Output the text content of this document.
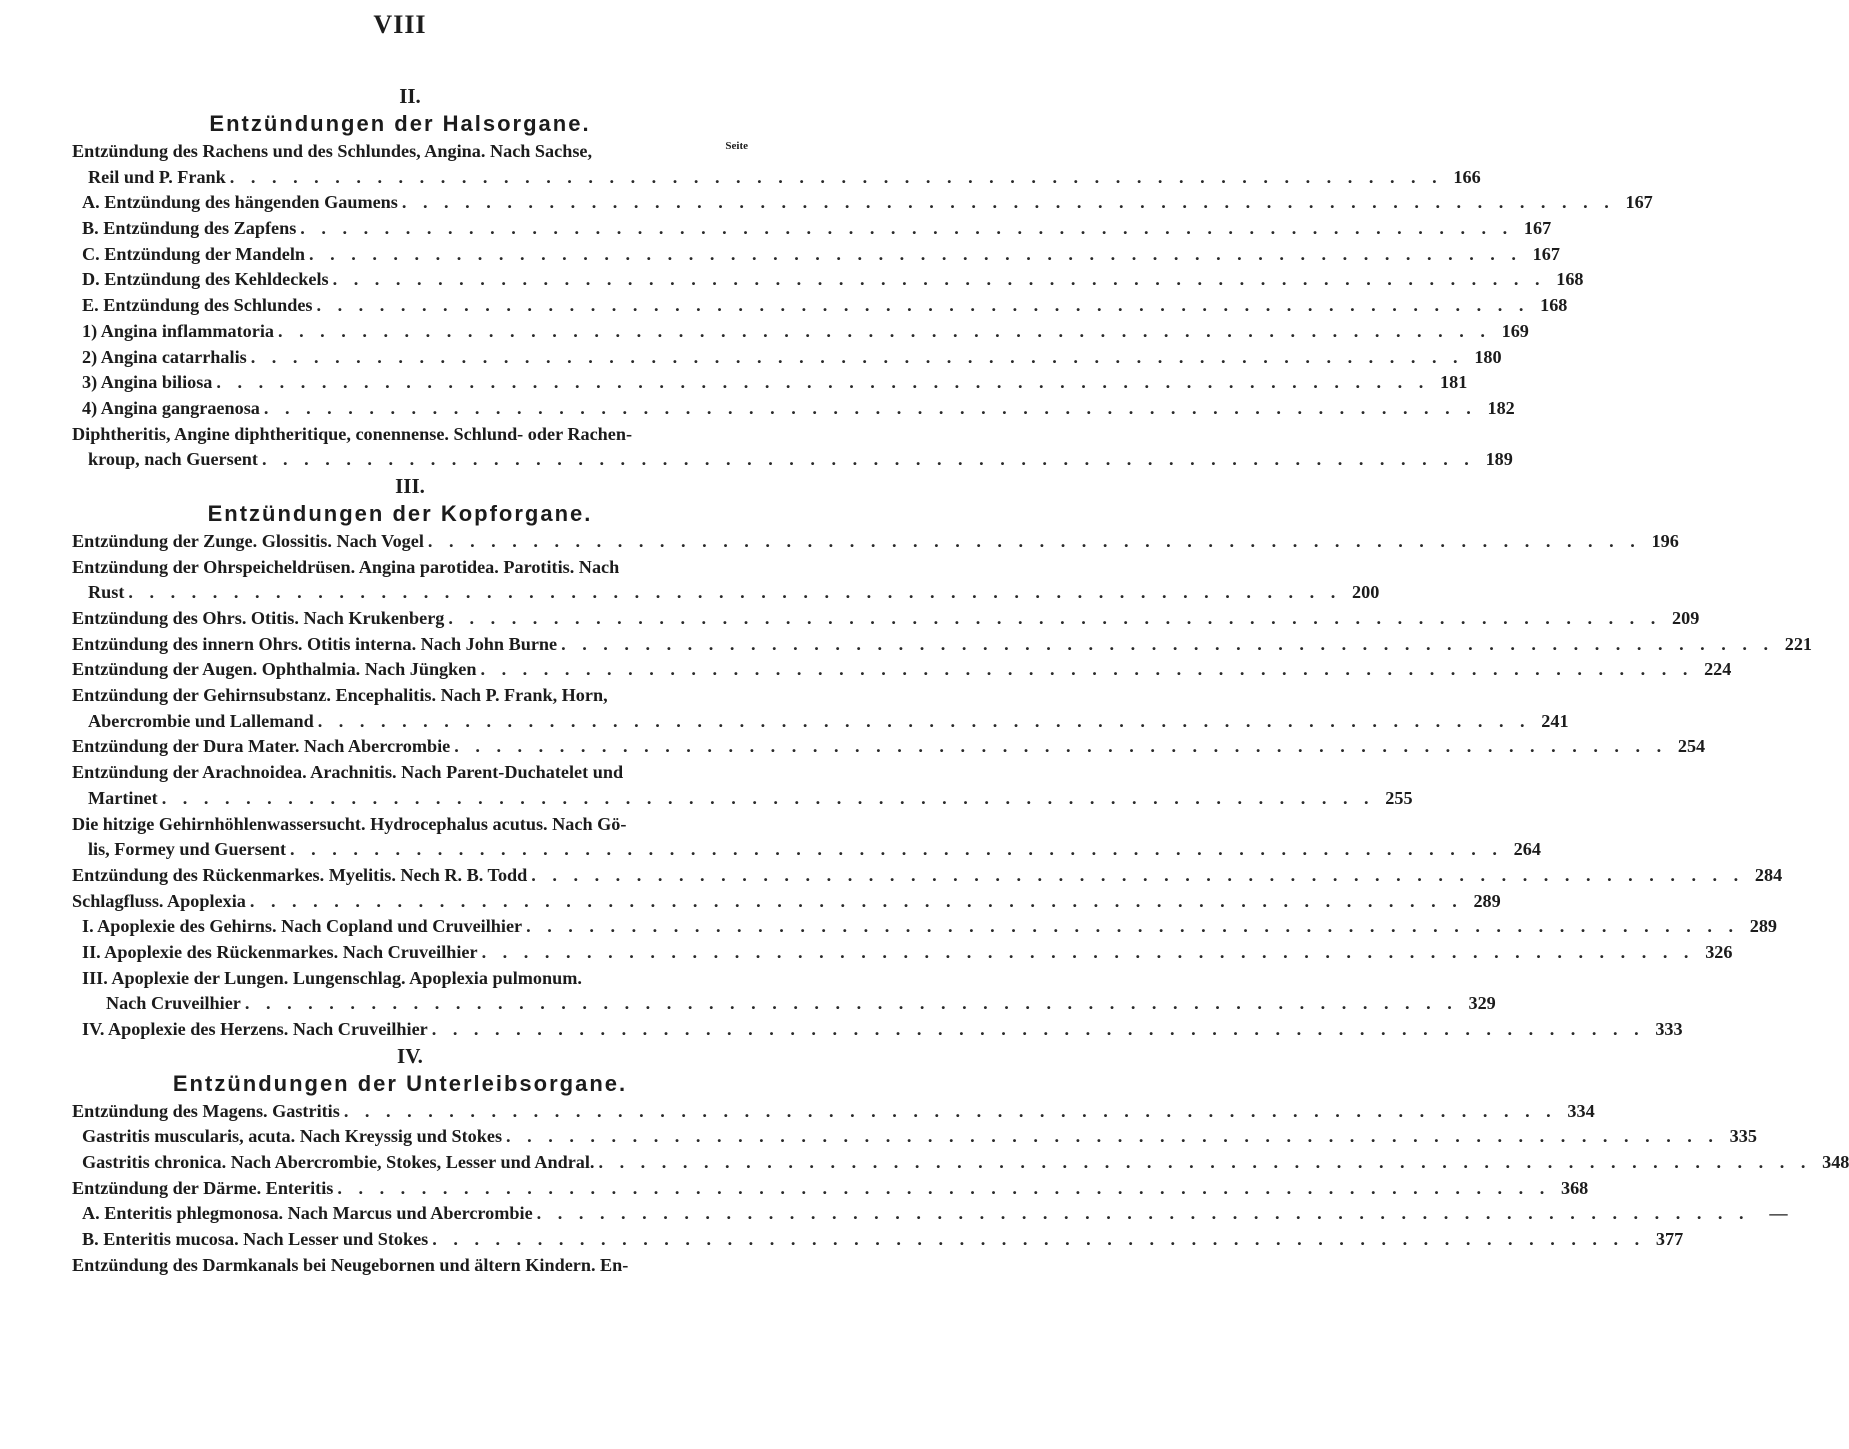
VIII
Seite
II.
Entzündungen der Halsorgane.
Entzündung des Rachens und des Schlundes, Angina. Nach Sachse,
Reil und P. Frank . . . . . . . . . . . . . . . . . . . . . . . . . . . . . . . . . . . . . . . . . . . . . . . . . . . . . . . . . . 166
A. Entzündung des hängenden Gaumens . . . . . . . . . . . . . . . . . . . . . . . . . . . . . . . . . . . . . . . . . . . . . . . . . . . . . . . . . . 167
B. Entzündung des Zapfens . . . . . . . . . . . . . . . . . . . . . . . . . . . . . . . . . . . . . . . . . . . . . . . . . . . . . . . . . . 167
C. Entzündung der Mandeln . . . . . . . . . . . . . . . . . . . . . . . . . . . . . . . . . . . . . . . . . . . . . . . . . . . . . . . . . . 167
D. Entzündung des Kehldeckels . . . . . . . . . . . . . . . . . . . . . . . . . . . . . . . . . . . . . . . . . . . . . . . . . . . . . . . . . . 168
E. Entzündung des Schlundes . . . . . . . . . . . . . . . . . . . . . . . . . . . . . . . . . . . . . . . . . . . . . . . . . . . . . . . . . . 168
1) Angina inflammatoria . . . . . . . . . . . . . . . . . . . . . . . . . . . . . . . . . . . . . . . . . . . . . . . . . . . . . . . . . . 169
2) Angina catarrhalis . . . . . . . . . . . . . . . . . . . . . . . . . . . . . . . . . . . . . . . . . . . . . . . . . . . . . . . . . . 180
3) Angina biliosa . . . . . . . . . . . . . . . . . . . . . . . . . . . . . . . . . . . . . . . . . . . . . . . . . . . . . . . . . . 181
4) Angina gangraenosa . . . . . . . . . . . . . . . . . . . . . . . . . . . . . . . . . . . . . . . . . . . . . . . . . . . . . . . . . . 182
Diphtheritis, Angine diphtheritique, conennense. Schlund- oder Rachen-
kroup, nach Guersent . . . . . . . . . . . . . . . . . . . . . . . . . . . . . . . . . . . . . . . . . . . . . . . . . . . . . . . . . . 189
III.
Entzündungen der Kopforgane.
Entzündung der Zunge. Glossitis. Nach Vogel . . . . . . . . . . . . . . . . . . . . . . . . . . . . . . . . . . . . . . . . . . . . . . . . . . . . . . . . . . 196
Entzündung der Ohrspeicheldrüsen. Angina parotidea. Parotitis. Nach
Rust . . . . . . . . . . . . . . . . . . . . . . . . . . . . . . . . . . . . . . . . . . . . . . . . . . . . . . . . . . 200
Entzündung des Ohrs. Otitis. Nach Krukenberg . . . . . . . . . . . . . . . . . . . . . . . . . . . . . . . . . . . . . . . . . . . . . . . . . . . . . . . . . . 209
Entzündung des innern Ohrs. Otitis interna. Nach John Burne . . . . . . . . . . . . . . . . . . . . . . . . . . . . . . . . . . . . . . . . . . . . . . . . . . . . . . . . . . 221
Entzündung der Augen. Ophthalmia. Nach Jüngken . . . . . . . . . . . . . . . . . . . . . . . . . . . . . . . . . . . . . . . . . . . . . . . . . . . . . . . . . . 224
Entzündung der Gehirnsubstanz. Encephalitis. Nach P. Frank, Horn,
Abercrombie und Lallemand . . . . . . . . . . . . . . . . . . . . . . . . . . . . . . . . . . . . . . . . . . . . . . . . . . . . . . . . . . 241
Entzündung der Dura Mater. Nach Abercrombie . . . . . . . . . . . . . . . . . . . . . . . . . . . . . . . . . . . . . . . . . . . . . . . . . . . . . . . . . . 254
Entzündung der Arachnoidea. Arachnitis. Nach Parent-Duchatelet und
Martinet . . . . . . . . . . . . . . . . . . . . . . . . . . . . . . . . . . . . . . . . . . . . . . . . . . . . . . . . . . 255
Die hitzige Gehirnhöhlenwassersucht. Hydrocephalus acutus. Nach Gö-
lis, Formey und Guersent . . . . . . . . . . . . . . . . . . . . . . . . . . . . . . . . . . . . . . . . . . . . . . . . . . . . . . . . . . 264
Entzündung des Rückenmarkes. Myelitis. Nech R. B. Todd . . . . . . . . . . . . . . . . . . . . . . . . . . . . . . . . . . . . . . . . . . . . . . . . . . . . . . . . . . 284
Schlagfluss. Apoplexia . . . . . . . . . . . . . . . . . . . . . . . . . . . . . . . . . . . . . . . . . . . . . . . . . . . . . . . . . . 289
I. Apoplexie des Gehirns. Nach Copland und Cruveilhier . . . . . . . . . . . . . . . . . . . . . . . . . . . . . . . . . . . . . . . . . . . . . . . . . . . . . . . . . . 289
II. Apoplexie des Rückenmarkes. Nach Cruveilhier . . . . . . . . . . . . . . . . . . . . . . . . . . . . . . . . . . . . . . . . . . . . . . . . . . . . . . . . . . 326
III. Apoplexie der Lungen. Lungenschlag. Apoplexia pulmonum.
Nach Cruveilhier . . . . . . . . . . . . . . . . . . . . . . . . . . . . . . . . . . . . . . . . . . . . . . . . . . . . . . . . . . 329
IV. Apoplexie des Herzens. Nach Cruveilhier . . . . . . . . . . . . . . . . . . . . . . . . . . . . . . . . . . . . . . . . . . . . . . . . . . . . . . . . . . 333
IV.
Entzündungen der Unterleibsorgane.
Entzündung des Magens. Gastritis . . . . . . . . . . . . . . . . . . . . . . . . . . . . . . . . . . . . . . . . . . . . . . . . . . . . . . . . . . 334
Gastritis muscularis, acuta. Nach Kreyssig und Stokes . . . . . . . . . . . . . . . . . . . . . . . . . . . . . . . . . . . . . . . . . . . . . . . . . . . . . . . . . . 335
Gastritis chronica. Nach Abercrombie, Stokes, Lesser und Andral. . . . . . . . . . . . . . . . . . . . . . . . . . . . . . . . . . . . . . . . . . . . . . . . . . . . . . . . . . . 348
Entzündung der Därme. Enteritis . . . . . . . . . . . . . . . . . . . . . . . . . . . . . . . . . . . . . . . . . . . . . . . . . . . . . . . . . . 368
A. Enteritis phlegmonosa. Nach Marcus und Abercrombie . . . . . . . . . . . . . . . . . . . . . . . . . . . . . . . . . . . . . . . . . . . . . . . . . . . . . . . . . .	—
B. Enteritis mucosa. Nach Lesser und Stokes . . . . . . . . . . . . . . . . . . . . . . . . . . . . . . . . . . . . . . . . . . . . . . . . . . . . . . . . . . 377
Entzündung des Darmkanals bei Neugebornen und ältern Kindern. En-
